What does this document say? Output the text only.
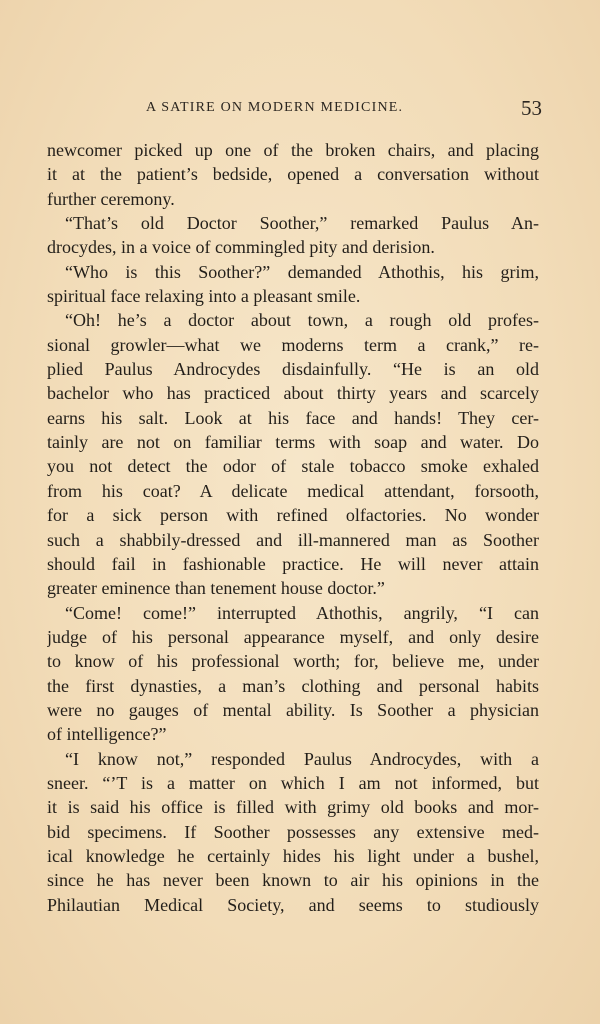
A SATIRE ON MODERN MEDICINE.	53
newcomer picked up one of the broken chairs, and placing
it at the patient’s bedside, opened a conversation without
further ceremony.
“That’s old Doctor Soother,” remarked Paulus An-
drocydes, in a voice of commingled pity and derision.
“Who is this Soother?” demanded Athothis, his grim,
spiritual face relaxing into a pleasant smile.
“Oh! he’s a doctor about town, a rough old profes-
sional growler—what we moderns term a crank,” re-
plied Paulus Androcydes disdainfully. “He is an old
bachelor who has practiced about thirty years and scarcely
earns his salt. Look at his face and hands! They cer-
tainly are not on familiar terms with soap and water. Do
you not detect the odor of stale tobacco smoke exhaled
from his coat? A delicate medical attendant, forsooth,
for a sick person with refined olfactories. No wonder
such a shabbily-dressed and ill-mannered man as Soother
should fail in fashionable practice. He will never attain
greater eminence than tenement house doctor.”
“Come! come!” interrupted Athothis, angrily, “I can
judge of his personal appearance myself, and only desire
to know of his professional worth; for, believe me, under
the first dynasties, a man’s clothing and personal habits
were no gauges of mental ability. Is Soother a physician
of intelligence?”
“I know not,” responded Paulus Androcydes, with a
sneer. “’T is a matter on which I am not informed, but
it is said his office is filled with grimy old books and mor-
bid specimens. If Soother possesses any extensive med-
ical knowledge he certainly hides his light under a bushel,
since he has never been known to air his opinions in the
Philautian Medical Society, and seems to studiously
